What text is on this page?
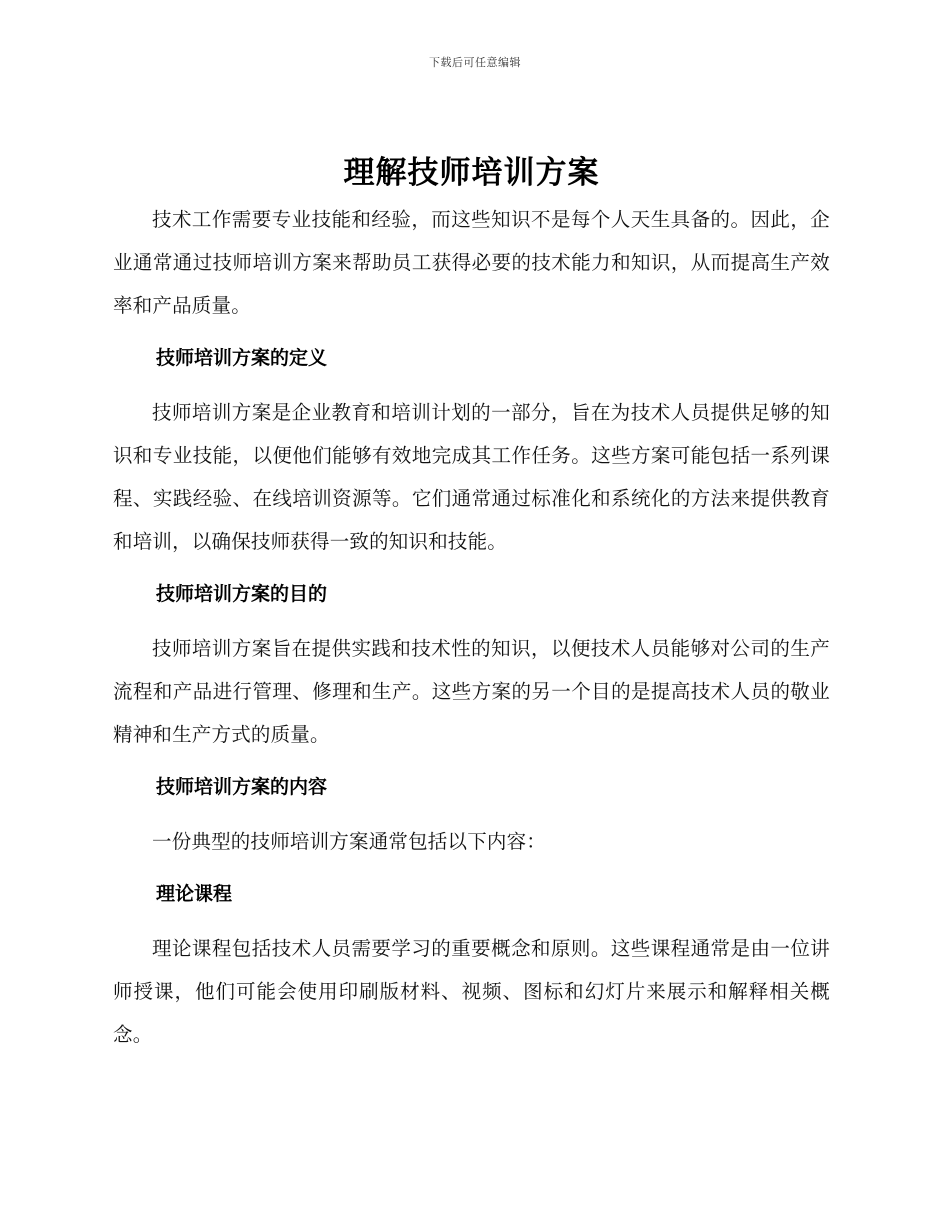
下载后可任意编辑
理解技师培训方案

技术工作需要专业技能和经验，而这些知识不是每个人天生具备的。因此，企业通常通过技师培训方案来帮助员工获得必要的技术能力和知识，从而提高生产效率和产品质量。

技师培训方案的定义

技师培训方案是企业教育和培训计划的一部分，旨在为技术人员提供足够的知识和专业技能，以便他们能够有效地完成其工作任务。这些方案可能包括一系列课程、实践经验、在线培训资源等。它们通常通过标准化和系统化的方法来提供教育和培训，以确保技师获得一致的知识和技能。

技师培训方案的目的

技师培训方案旨在提供实践和技术性的知识，以便技术人员能够对公司的生产流程和产品进行管理、修理和生产。这些方案的另一个目的是提高技术人员的敬业精神和生产方式的质量。

技师培训方案的内容

一份典型的技师培训方案通常包括以下内容：

理论课程

理论课程包括技术人员需要学习的重要概念和原则。这些课程通常是由一位讲师授课，他们可能会使用印刷版材料、视频、图标和幻灯片来展示和解释相关概念。
